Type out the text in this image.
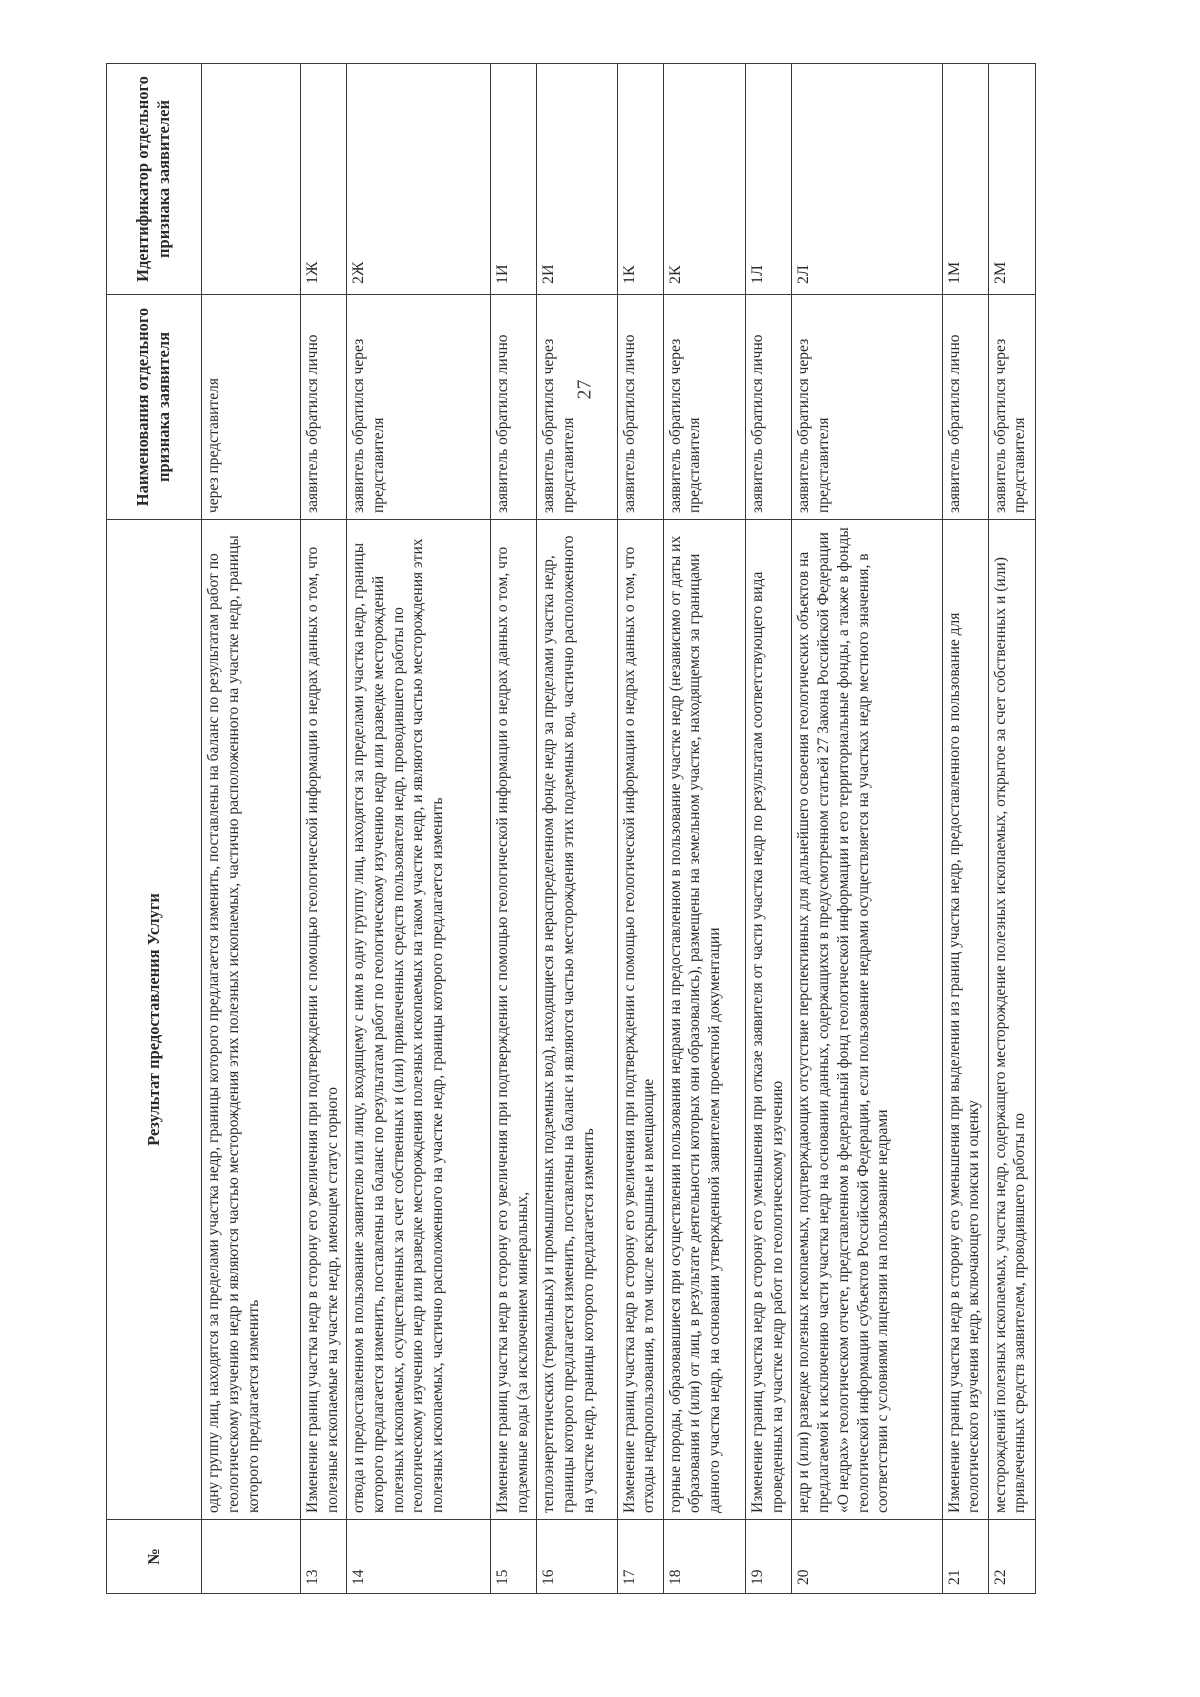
27
№	Результат предоставления Услуги	Наименования отдельного признака заявителя	Идентификатор отдельного признака заявителей
	одну группу лиц, находятся за пределами участка недр, границы которого предлагается изменить, поставлены на баланс по результатам работ по геологическому изучению недр и являются частью месторождения этих полезных ископаемых, частично расположенного на участке недр, границы которого предлагается изменить	через представителя	
13	Изменение границ участка недр в сторону его увеличения при подтверждении с помощью геологической информации о недрах данных о том, что полезные ископаемые на участке недр, имеющем статус горного	заявитель обратился лично	1Ж
14	отвода и предоставленном в пользование заявителю или лицу, входящему с ним в одну группу лиц, находятся за пределами участка недр, границы которого предлагается изменить, поставлены на баланс по результатам работ по геологическому изучению недр или разведке месторождений полезных ископаемых, осуществленных за счет собственных и (или) привлеченных средств пользователя недр, проводившего работы по геологическому изучению недр или разведке месторождения полезных ископаемых на таком участке недр, и являются частью месторождения этих полезных ископаемых, частично расположенного на участке недр, границы которого предлагается изменить	заявитель обратился через представителя	2Ж
15	Изменение границ участка недр в сторону его увеличения при подтверждении с помощью геологической информации о недрах данных о том, что подземные воды (за исключением минеральных,	заявитель обратился лично	1И
16	теплоэнергетических (термальных) и промышленных подземных вод), находящиеся в нераспределенном фонде недр за пределами участка недр, границы которого предлагается изменить, поставлены на баланс и являются частью месторождения этих подземных вод, частично расположенного на участке недр, границы которого предлагается изменить	заявитель обратился через представителя	2И
17	Изменение границ участка недр в сторону его увеличения при подтверждении с помощью геологической информации о недрах данных о том, что отходы недропользования, в том числе вскрышные и вмещающие	заявитель обратился лично	1К
18	горные породы, образовавшиеся при осуществлении пользования недрами на предоставленном в пользование участке недр (независимо от даты их образования и (или) от лиц, в результате деятельности которых они образовались), размещены на земельном участке, находящемся за границами данного участка недр, на основании утвержденной заявителем проектной документации	заявитель обратился через представителя	2К
19	Изменение границ участка недр в сторону его уменьшения при отказе заявителя от части участка недр по результатам соответствующего вида проведенных на участке недр работ по геологическому изучению	заявитель обратился лично	1Л
20	недр и (или) разведке полезных ископаемых, подтверждающих отсутствие перспективных для дальнейшего освоения геологических объектов на предлагаемой к исключению части участка недр на основании данных, содержащихся в предусмотренном статьей 27 Закона Российской Федерации «О недрах» геологическом отчете, представленном в федеральный фонд геологической информации и его территориальные фонды, а также в фонды геологической информации субъектов Российской Федерации, если пользование недрами осуществляется на участках недр местного значения, в соответствии с условиями лицензии на пользование недрами	заявитель обратился через представителя	2Л
21	Изменение границ участка недр в сторону его уменьшения при выделении из границ участка недр, предоставленного в пользование для геологического изучения недр, включающего поиски и оценку	заявитель обратился лично	1М
22	месторождений полезных ископаемых, участка недр, содержащего месторождение полезных ископаемых, открытое за счет собственных и (или) привлеченных средств заявителем, проводившего работы по	заявитель обратился через представителя	2М
